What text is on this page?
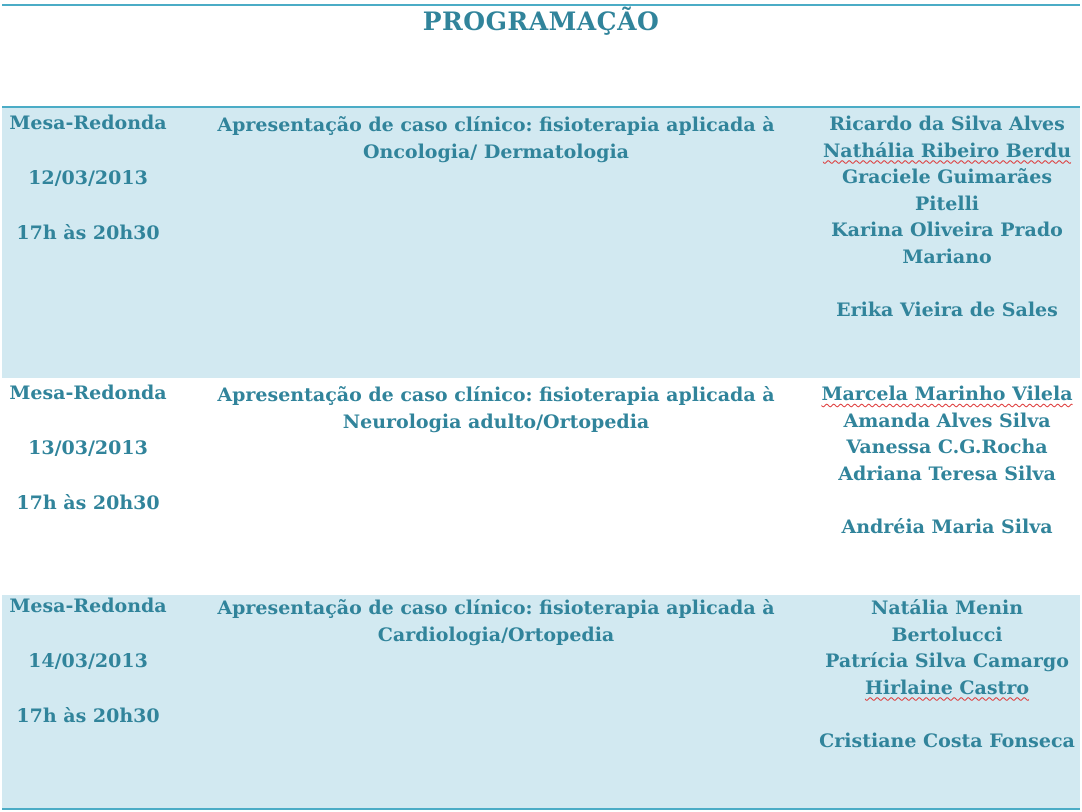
PROGRAMAÇÃO
Mesa-Redonda
12/03/2013
17h às 20h30
Apresentação de caso clínico: fisioterapia aplicada à
Oncologia/ Dermatologia
Ricardo da Silva Alves
Nathália Ribeiro Berdu
Graciele Guimarães
Pitelli
Karina Oliveira Prado
Mariano
Erika Vieira de Sales
Mesa-Redonda
13/03/2013
17h às 20h30
Apresentação de caso clínico: fisioterapia aplicada à
Neurologia adulto/Ortopedia
Marcela Marinho Vilela
Amanda Alves Silva
Vanessa C.G.Rocha
Adriana Teresa Silva
Andréia Maria Silva
Mesa-Redonda
14/03/2013
17h às 20h30
Apresentação de caso clínico: fisioterapia aplicada à
Cardiologia/Ortopedia
Natália Menin
Bertolucci
Patrícia Silva Camargo
Hirlaine Castro
Cristiane Costa Fonseca
